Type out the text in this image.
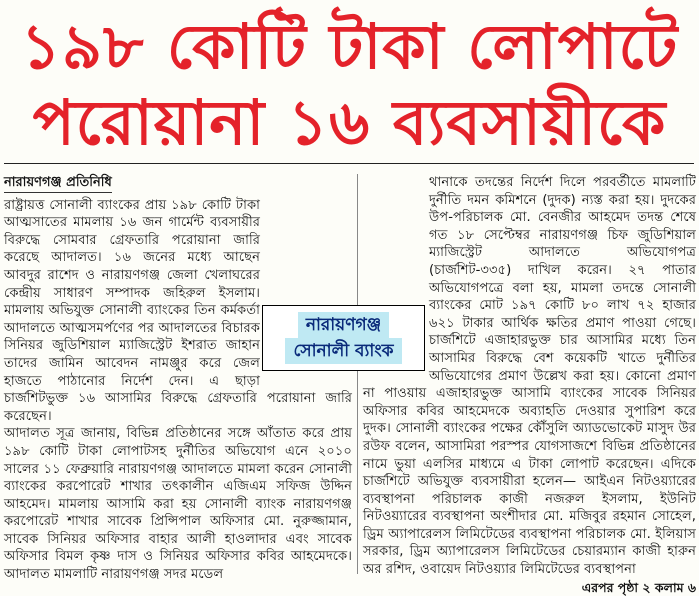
১৯৮ কোটি টাকা লোপাটে
পরোয়ানা ১৬ ব্যবসায়ীকে
নারায়ণগঞ্জ প্রতিনিধি

রাষ্ট্রায়ত্ত সোনালী ব্যাংকের প্রায় ১৯৮ কোটি টাকা আত্মসাতের মামলায় ১৬ জন গার্মেন্ট ব্যবসায়ীর বিরুদ্ধে সোমবার গ্রেফতারি পরোয়ানা জারি করেছে আদালত। ১৬ জনের মধ্যে আছেন আবদুর রাশেদ ও নারায়ণগঞ্জ জেলা খেলাঘরের কেন্দ্রীয় সাধারণ সম্পাদক জহিরুল ইসলাম। মামলায় অভিযুক্ত সোনালী ব্যাংকের তিন কর্মকর্তা আদালতে আত্মসমর্পণের পর আদালতের বিচারক সিনিয়র জুডিশিয়াল ম্যাজিস্ট্রেট ইশরাত জাহান তাদের জামিন আবেদন নামঞ্জুর করে জেল হাজতে পাঠানোর নির্দেশ দেন। এ ছাড়া চার্জশিটভুক্ত ১৬ আসামির বিরুদ্ধে গ্রেফতারি পরোয়ানা জারি করেছেন।

আদালত সূত্র জানায়, বিভিন্ন প্রতিষ্ঠানের সঙ্গে আঁতাত করে প্রায় ১৯৮ কোটি টাকা লোপাটসহ দুর্নীতির অভিযোগ এনে ২০১০ সালের ১১ ফেব্রুয়ারি নারায়ণগঞ্জ আদালতে মামলা করেন সোনালী ব্যাংকের করপোরেট শাখার তৎকালীন এজিএম সফিজ উদ্দিন আহমেদ। মামলায় আসামি করা হয় সোনালী ব্যাংক নারায়ণগঞ্জ করপোরেট শাখার সাবেক প্রিন্সিপাল অফিসার মো. নুরুজ্জামান, সাবেক সিনিয়র অফিসার বাহার আলী হাওলাদার এবং সাবেক অফিসার বিমল কৃষ্ণ দাস ও সিনিয়র অফিসার কবির আহমেদকে। আদালত মামলাটি নারায়ণগঞ্জ সদর মডেল

থানাকে তদন্তের নির্দেশ দিলে পরবর্তীতে মামলাটি দুর্নীতি দমন কমিশনে (দুদক) ন্যস্ত করা হয়। দুদকের উপ-পরিচালক মো. বেনজীর আহমেদ তদন্ত শেষে গত ১৮ সেপ্টেম্বর নারায়ণগঞ্জ চিফ জুডিশিয়াল ম্যাজিস্ট্রেট আদালতে অভিযোগপত্র (চার্জশিট-৩৩৫) দাখিল করেন। ২৭ পাতার অভিযোগপত্রে বলা হয়, মামলা তদন্তে সোনালী ব্যাংকের মোট ১৯৭ কোটি ৮০ লাখ ৭২ হাজার ৬২১ টাকার আর্থিক ক্ষতির প্রমাণ পাওয়া গেছে। চার্জশিটে এজাহারভুক্ত চার আসামির মধ্যে তিন আসামির বিরুদ্ধে বেশ কয়েকটি খাতে দুর্নীতির অভিযোগের প্রমাণ উল্লেখ করা হয়। কোনো প্রমাণ না পাওয়ায় এজাহারভুক্ত আসামি ব্যাংকের সাবেক সিনিয়র অফিসার কবির আহমেদকে অব্যাহতি দেওয়ার সুপারিশ করে দুদক। সোনালী ব্যাংকের পক্ষের কৌঁসুলি অ্যাডভোকেট মাসুদ উর রউফ বলেন, আসামিরা পরস্পর যোগসাজশে বিভিন্ন প্রতিষ্ঠানের নামে ভুয়া এলসির মাধ্যমে এ টাকা লোপাট করেছেন। এদিকে চার্জশিটে অভিযুক্ত ব্যবসায়ীরা হলেন— আইএন নিটওয়্যারের ব্যবস্থাপনা পরিচালক কাজী নজরুল ইসলাম, ইউনিট নিটওয়্যারের ব্যবস্থাপনা অংশীদার মো. মজিবুর রহমান সোহেল, ড্রিম অ্যাপারেলস লিমিটেডের ব্যবস্থাপনা পরিচালক মো. ইলিয়াস সরকার, ড্রিম অ্যাপারেলস লিমিটেডের চেয়ারম্যান কাজী হারুন অর রশিদ, ওবায়েদ নিটওয়্যার লিমিটেডের ব্যবস্থাপনা

এরপর পৃষ্ঠা ২ কলাম ৬
নারায়ণগঞ্জ
সোনালী ব্যাংক
